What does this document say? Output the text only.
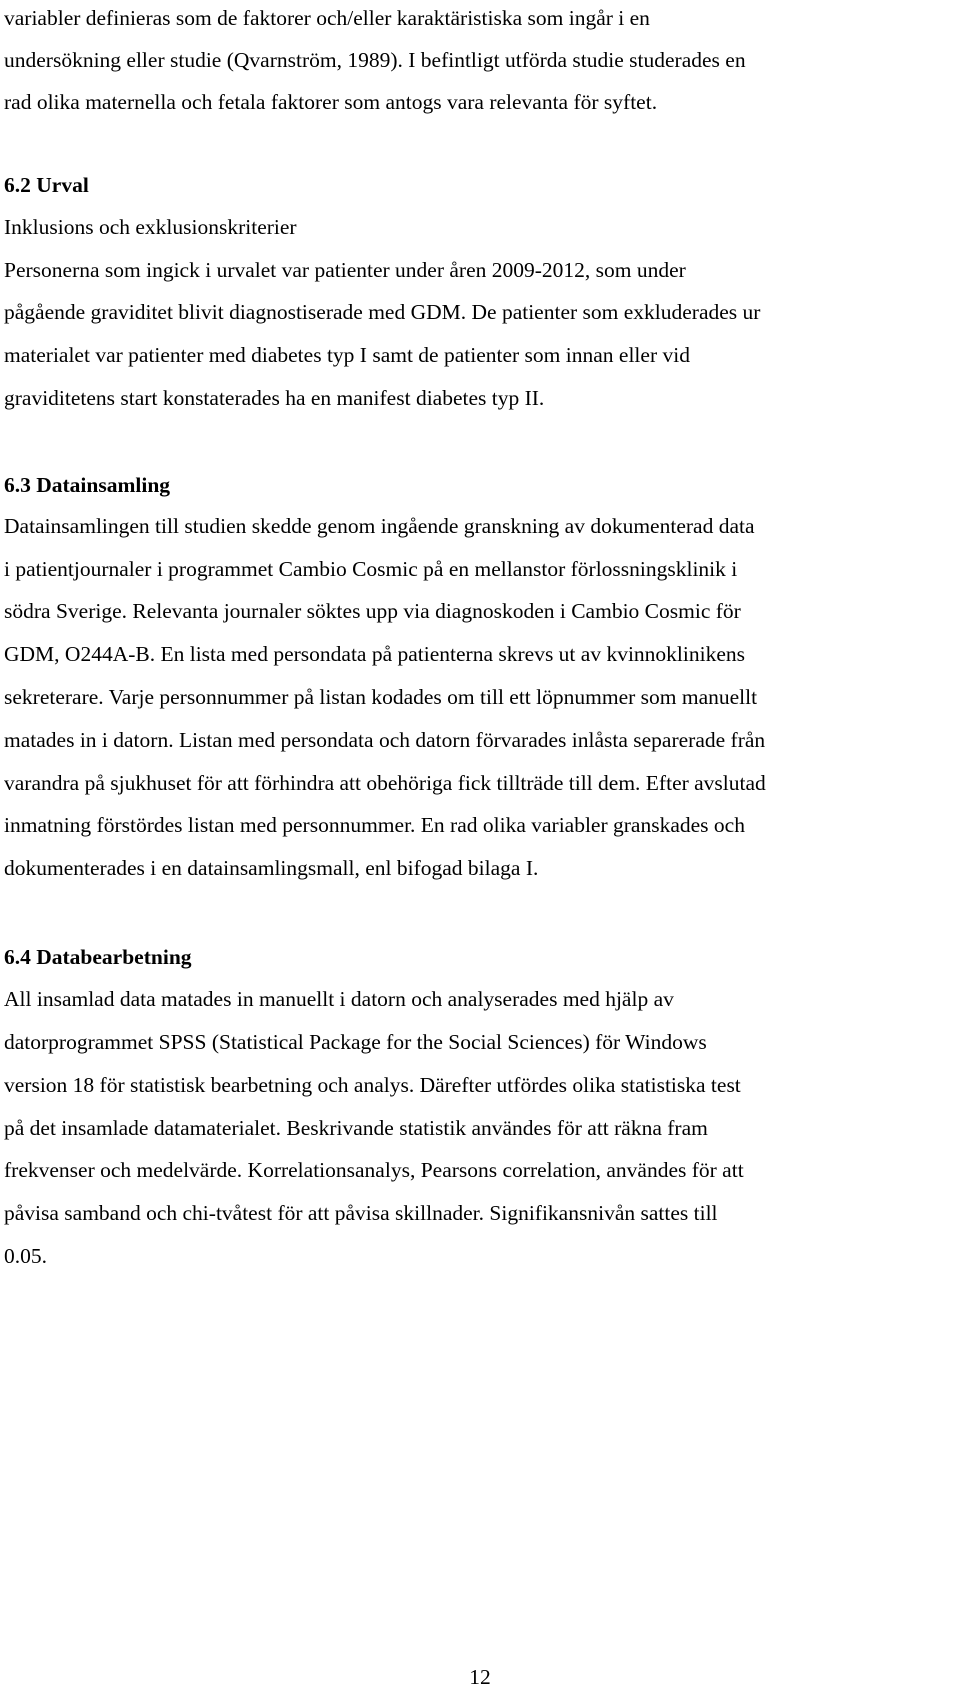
variabler definieras som de faktorer och/eller karaktäristiska som ingår i en
undersökning eller studie (Qvarnström, 1989). I befintligt utförda studie studerades en
rad olika maternella och fetala faktorer som antogs vara relevanta för syftet.
6.2 Urval
Inklusions och exklusionskriterier
Personerna som ingick i urvalet var patienter under åren 2009-2012, som under
pågående graviditet blivit diagnostiserade med GDM. De patienter som exkluderades ur
materialet var patienter med diabetes typ I samt de patienter som innan eller vid
graviditetens start konstaterades ha en manifest diabetes typ II.
6.3 Datainsamling
Datainsamlingen till studien skedde genom ingående granskning av dokumenterad data
i patientjournaler i programmet Cambio Cosmic på en mellanstor förlossningsklinik i
södra Sverige. Relevanta journaler söktes upp via diagnoskoden i Cambio Cosmic för
GDM, O244A-B. En lista med persondata på patienterna skrevs ut av kvinnoklinikens
sekreterare. Varje personnummer på listan kodades om till ett löpnummer som manuellt
matades in i datorn. Listan med persondata och datorn förvarades inlåsta separerade från
varandra på sjukhuset för att förhindra att obehöriga fick tillträde till dem. Efter avslutad
inmatning förstördes listan med personnummer. En rad olika variabler granskades och
dokumenterades i en datainsamlingsmall, enl bifogad bilaga I.
6.4 Databearbetning
All insamlad data matades in manuellt i datorn och analyserades med hjälp av
datorprogrammet SPSS (Statistical Package for the Social Sciences) för Windows
version 18 för statistisk bearbetning och analys. Därefter utfördes olika statistiska test
på det insamlade datamaterialet. Beskrivande statistik användes för att räkna fram
frekvenser och medelvärde. Korrelationsanalys, Pearsons correlation, användes för att
påvisa samband och chi-tvåtest för att påvisa skillnader. Signifikansnivån sattes till
0.05.
12
